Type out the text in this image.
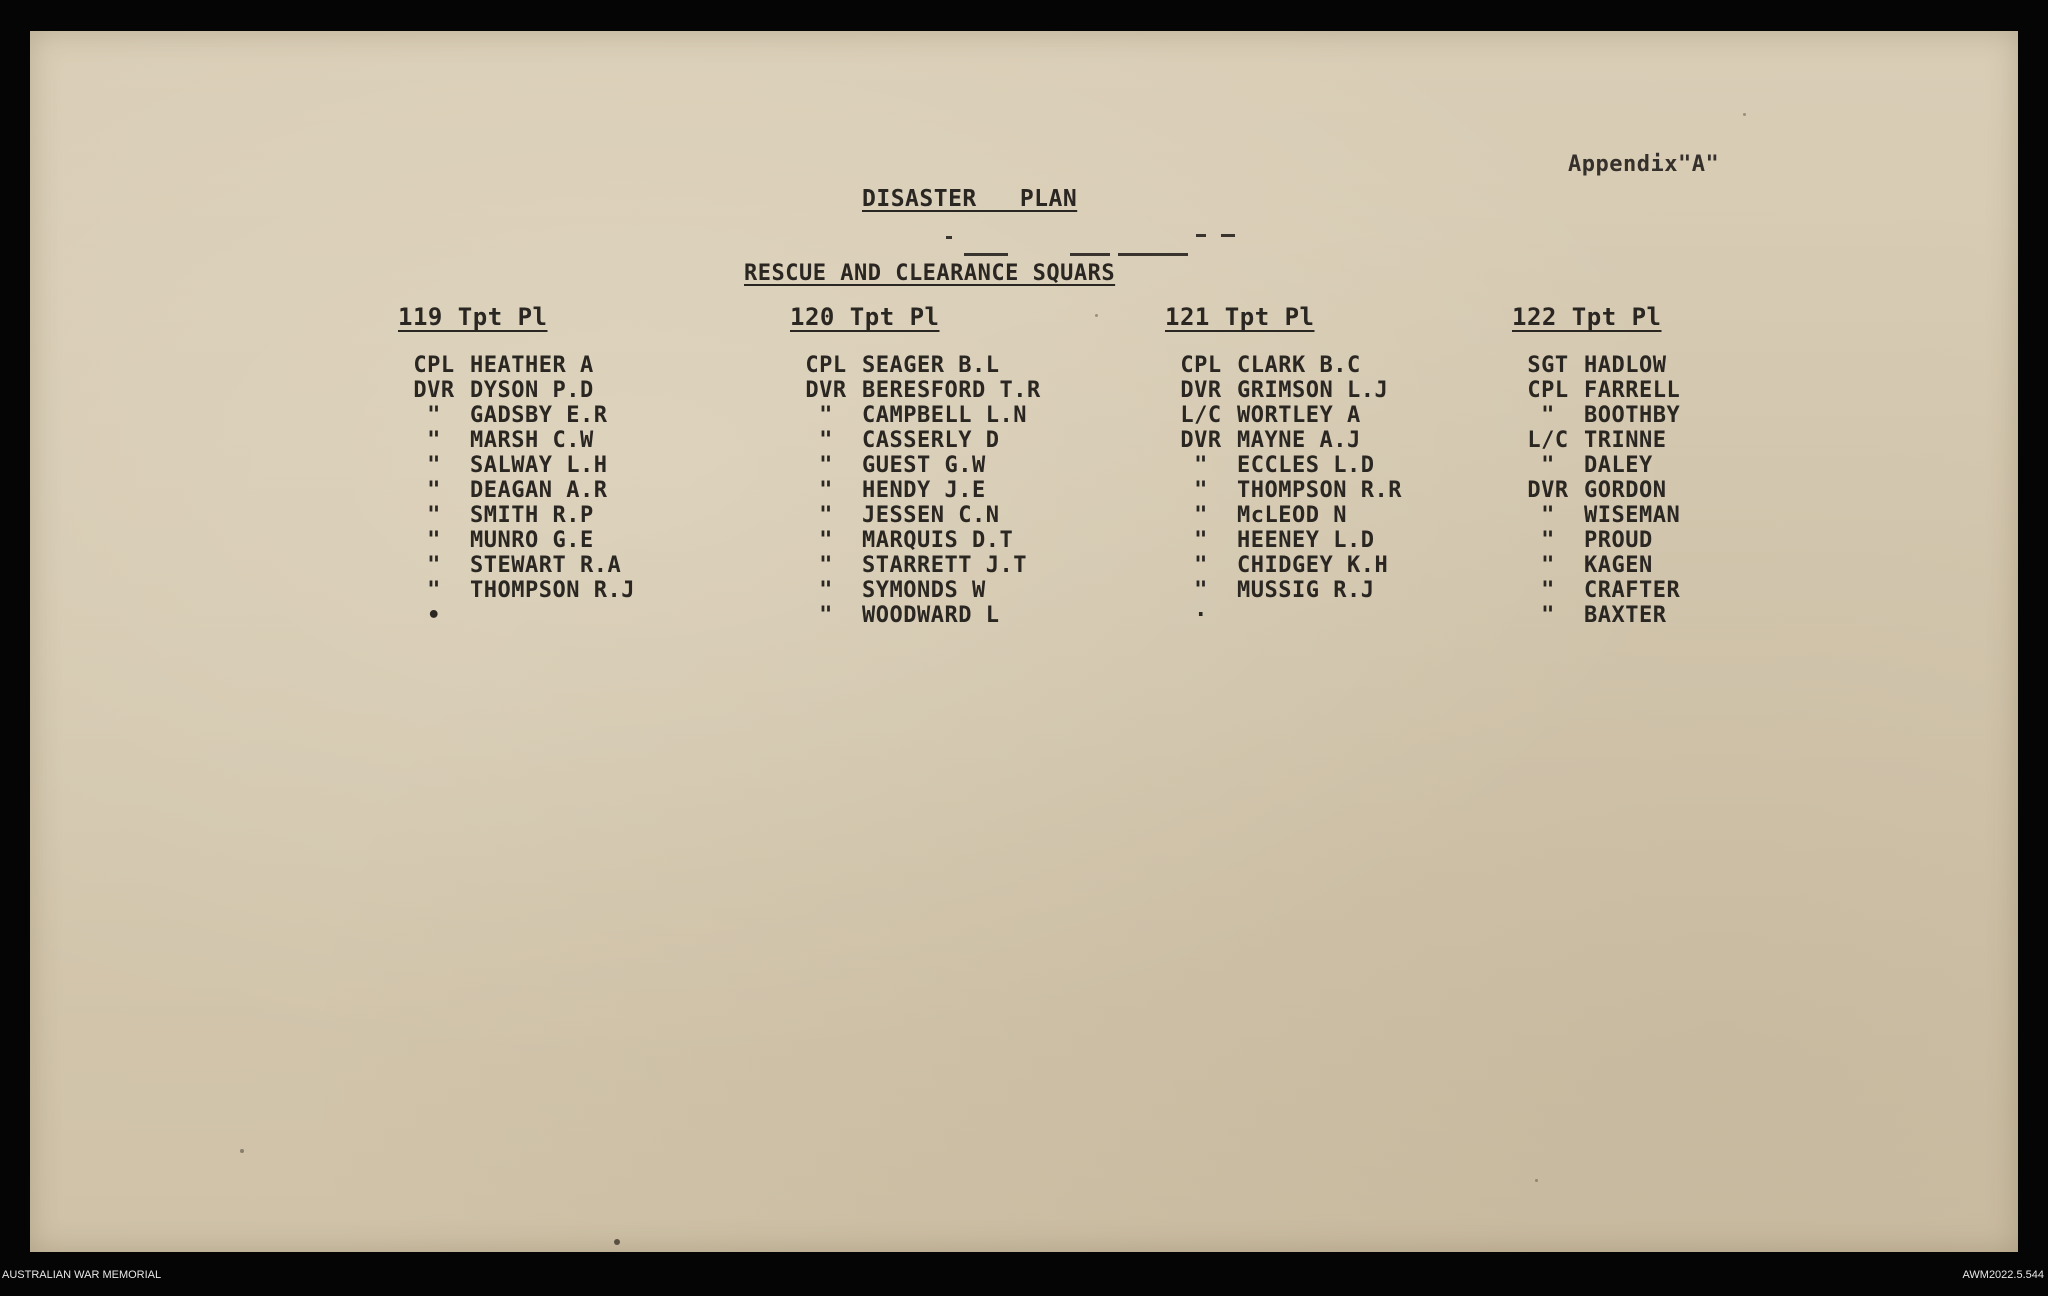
Appendix"A"
DISASTER   PLAN
RESCUE AND CLEARANCE SQUARS
119 Tpt Pl
CPL HEATHER A
DVR DYSON P.D
" GADSBY E.R
" MARSH C.W
" SALWAY L.H
" DEAGAN A.R
" SMITH R.P
" MUNRO G.E
" STEWART R.A
" THOMPSON R.J
•
120 Tpt Pl
CPL SEAGER B.L
DVR BERESFORD T.R
" CAMPBELL L.N
" CASSERLY D
" GUEST G.W
" HENDY J.E
" JESSEN C.N
" MARQUIS D.T
" STARRETT J.T
" SYMONDS W
" WOODWARD L
121 Tpt Pl
CPL CLARK B.C
DVR GRIMSON L.J
L/C WORTLEY A
DVR MAYNE A.J
" ECCLES L.D
" THOMPSON R.R
" McLEOD N
" HEENEY L.D
" CHIDGEY K.H
" MUSSIG R.J
·
122 Tpt Pl
SGT HADLOW
CPL FARRELL
" BOOTHBY
L/C TRINNE
" DALEY
DVR GORDON
" WISEMAN
" PROUD
" KAGEN
" CRAFTER
" BAXTER
AUSTRALIAN WAR MEMORIAL	AWM2022.5.544
